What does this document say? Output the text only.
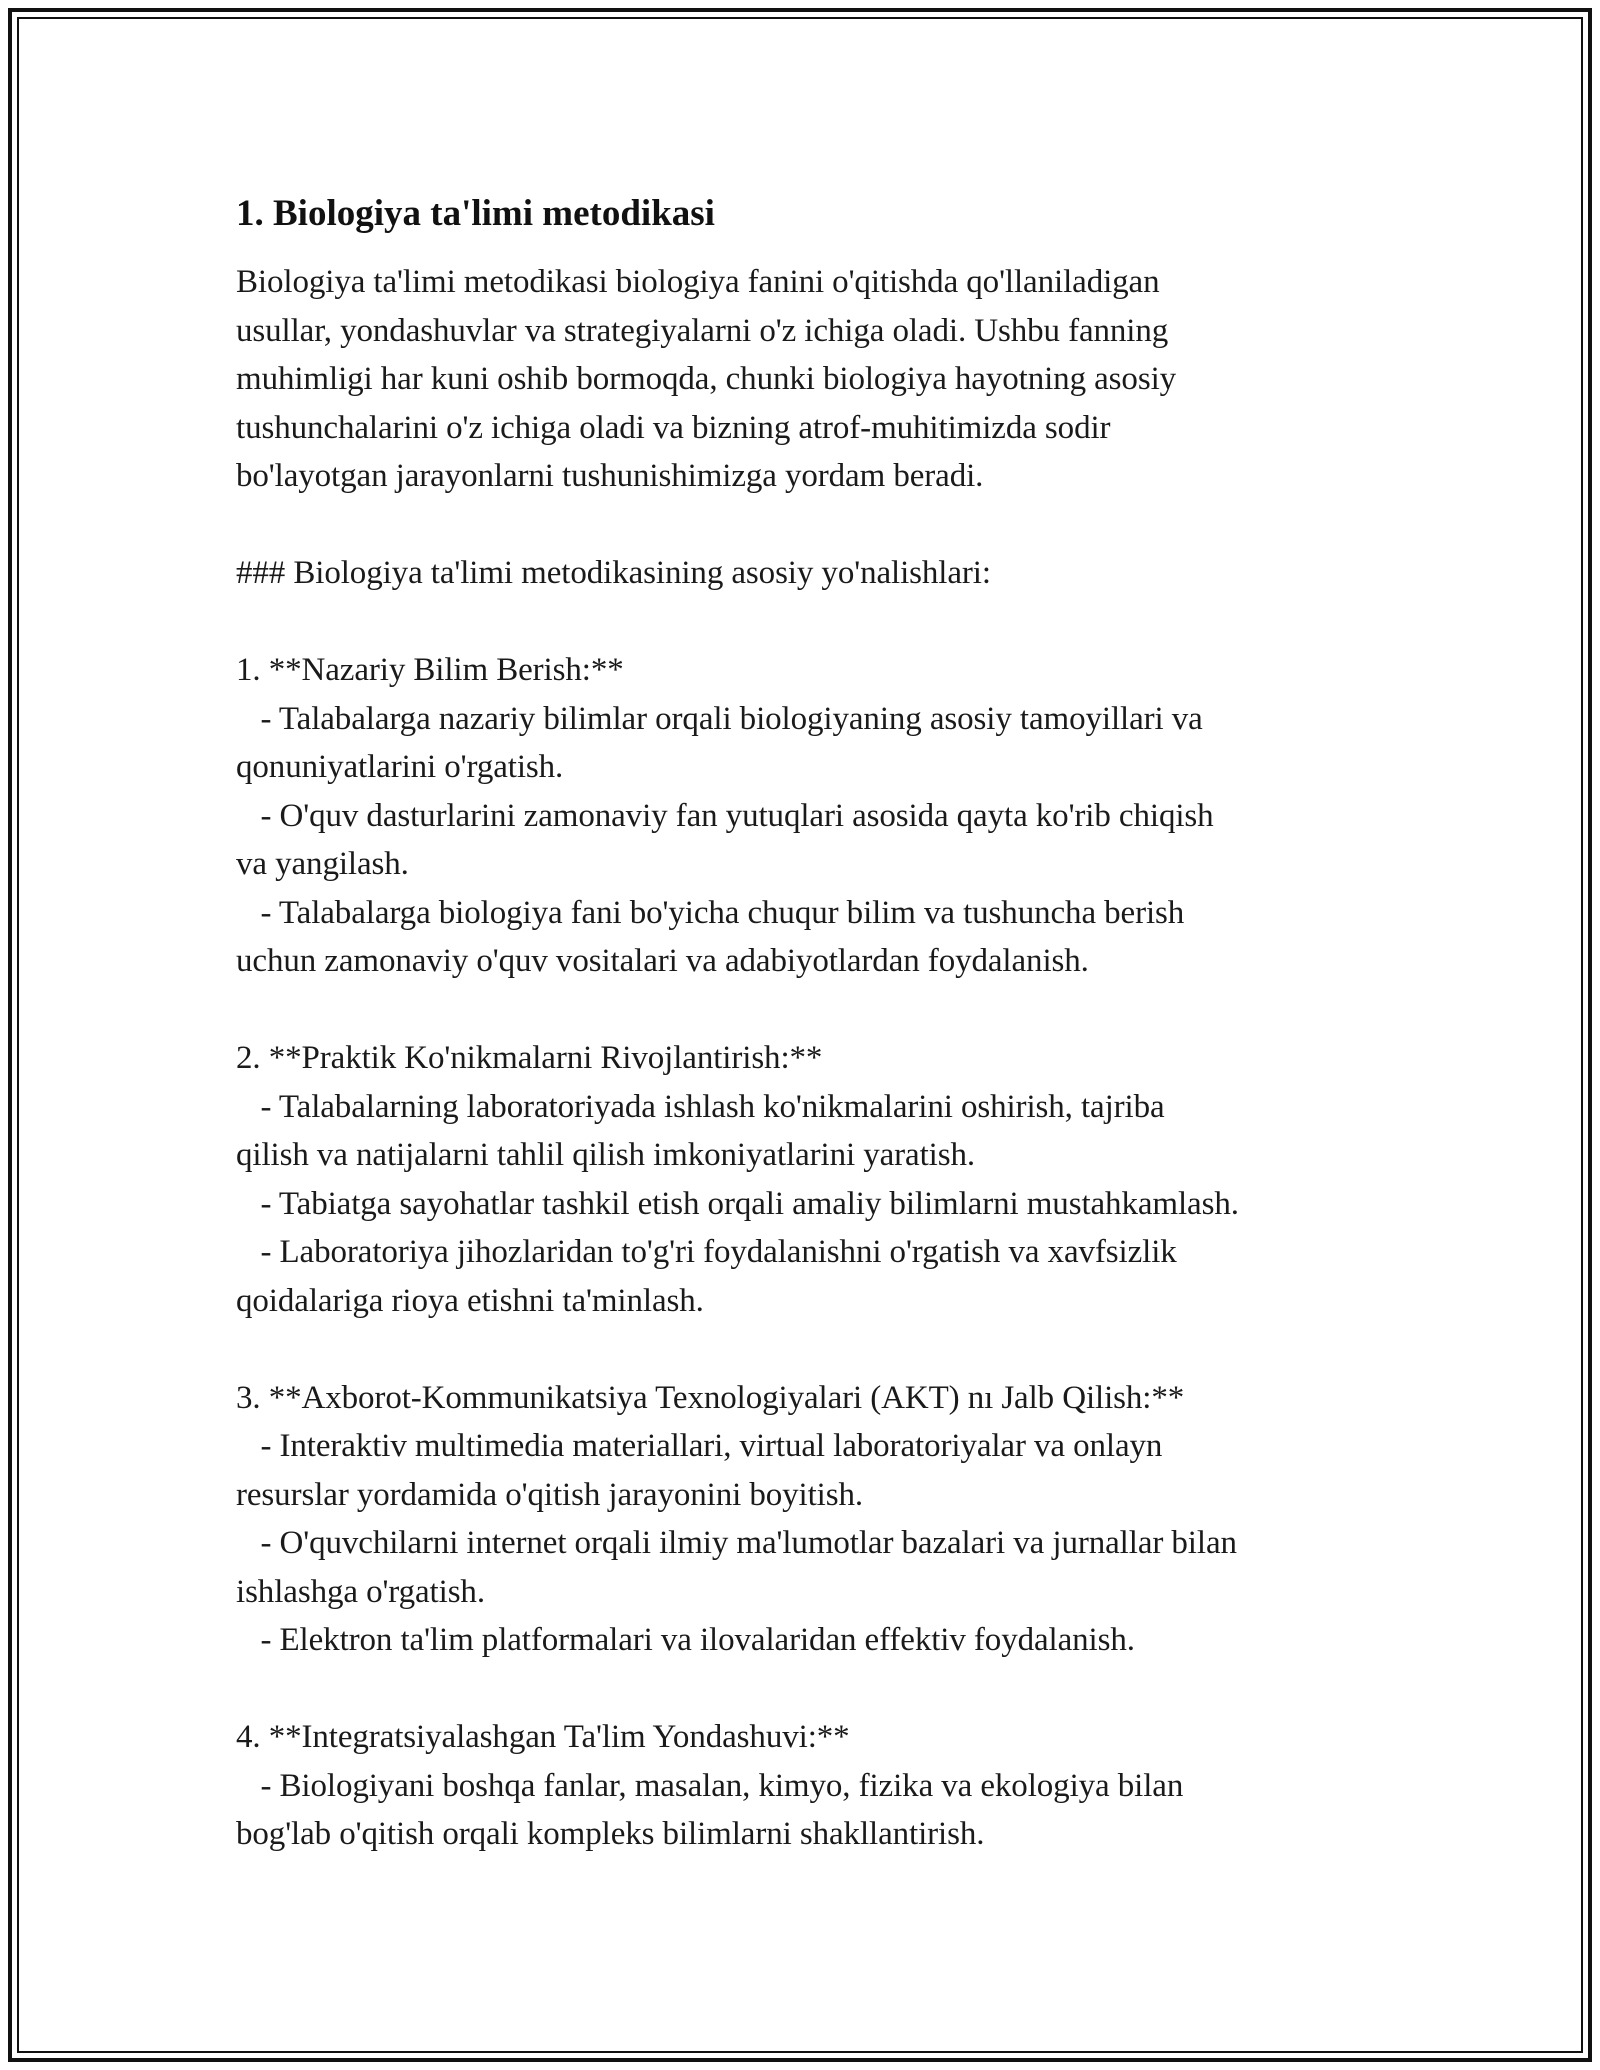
1. Biologiya ta'limi metodikasi

Biologiya ta'limi metodikasi biologiya fanini o'qitishda qo'llaniladigan
usullar, yondashuvlar va strategiyalarni o'z ichiga oladi. Ushbu fanning
muhimligi har kuni oshib bormoqda, chunki biologiya hayotning asosiy
tushunchalarini o'z ichiga oladi va bizning atrof-muhitimizda sodir
bo'layotgan jarayonlarni tushunishimizga yordam beradi.

### Biologiya ta'limi metodikasining asosiy yo'nalishlari:

1. **Nazariy Bilim Berish:**
- Talabalarga nazariy bilimlar orqali biologiyaning asosiy tamoyillari va
qonuniyatlarini o'rgatish.
- O'quv dasturlarini zamonaviy fan yutuqlari asosida qayta ko'rib chiqish
va yangilash.
- Talabalarga biologiya fani bo'yicha chuqur bilim va tushuncha berish
uchun zamonaviy o'quv vositalari va adabiyotlardan foydalanish.

2. **Praktik Ko'nikmalarni Rivojlantirish:**
- Talabalarning laboratoriyada ishlash ko'nikmalarini oshirish, tajriba
qilish va natijalarni tahlil qilish imkoniyatlarini yaratish.
- Tabiatga sayohatlar tashkil etish orqali amaliy bilimlarni mustahkamlash.
- Laboratoriya jihozlaridan to'g'ri foydalanishni o'rgatish va xavfsizlik
qoidalariga rioya etishni ta'minlash.

3. **Axborot-Kommunikatsiya Texnologiyalari (AKT) nı Jalb Qilish:**
- Interaktiv multimedia materiallari, virtual laboratoriyalar va onlayn
resurslar yordamida o'qitish jarayonini boyitish.
- O'quvchilarni internet orqali ilmiy ma'lumotlar bazalari va jurnallar bilan
ishlashga o'rgatish.
- Elektron ta'lim platformalari va ilovalaridan effektiv foydalanish.

4. **Integratsiyalashgan Ta'lim Yondashuvi:**
- Biologiyani boshqa fanlar, masalan, kimyo, fizika va ekologiya bilan
bog'lab o'qitish orqali kompleks bilimlarni shakllantirish.
